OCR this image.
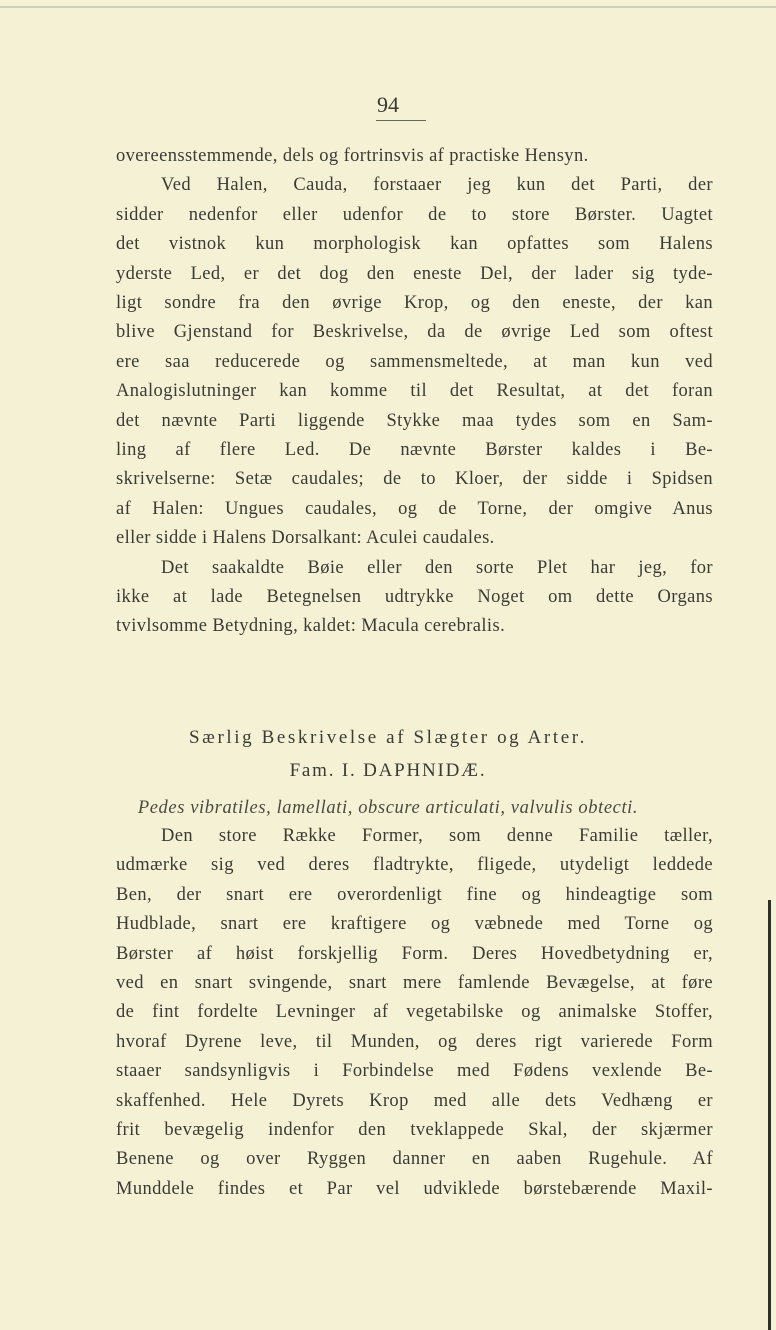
94
overeensstemmende, dels og fortrinsvis af practiske Hensyn.
Ved Halen, Cauda, forstaaer jeg kun det Parti, der
sidder nedenfor eller udenfor de to store Børster. Uagtet
det vistnok kun morphologisk kan opfattes som Halens
yderste Led, er det dog den eneste Del, der lader sig tyde-
ligt sondre fra den øvrige Krop, og den eneste, der kan
blive Gjenstand for Beskrivelse, da de øvrige Led som oftest
ere saa reducerede og sammensmeltede, at man kun ved
Analogislutninger kan komme til det Resultat, at det foran
det nævnte Parti liggende Stykke maa tydes som en Sam-
ling af flere Led. De nævnte Børster kaldes i Be-
skrivelserne: Setæ caudales; de to Kloer, der sidde i Spidsen
af Halen: Ungues caudales, og de Torne, der omgive Anus
eller sidde i Halens Dorsalkant: Aculei caudales.
Det saakaldte Bøie eller den sorte Plet har jeg, for
ikke at lade Betegnelsen udtrykke Noget om dette Organs
tvivlsomme Betydning, kaldet: Macula cerebralis.
Særlig Beskrivelse af Slægter og Arter.
Fam. I. DAPHNIDÆ.
Pedes vibratiles, lamellati, obscure articulati, valvulis obtecti.
Den store Række Former, som denne Familie tæller,
udmærke sig ved deres fladtrykte, fligede, utydeligt leddede
Ben, der snart ere overordenligt fine og hindeagtige som
Hudblade, snart ere kraftigere og væbnede med Torne og
Børster af høist forskjellig Form. Deres Hovedbetydning er,
ved en snart svingende, snart mere famlende Bevægelse, at føre
de fint fordelte Levninger af vegetabilske og animalske Stoffer,
hvoraf Dyrene leve, til Munden, og deres rigt varierede Form
staaer sandsynligvis i Forbindelse med Fødens vexlende Be-
skaffenhed. Hele Dyrets Krop med alle dets Vedhæng er
frit bevægelig indenfor den tveklappede Skal, der skjærmer
Benene og over Ryggen danner en aaben Rugehule. Af
Munddele findes et Par vel udviklede børstebærende Maxil-
